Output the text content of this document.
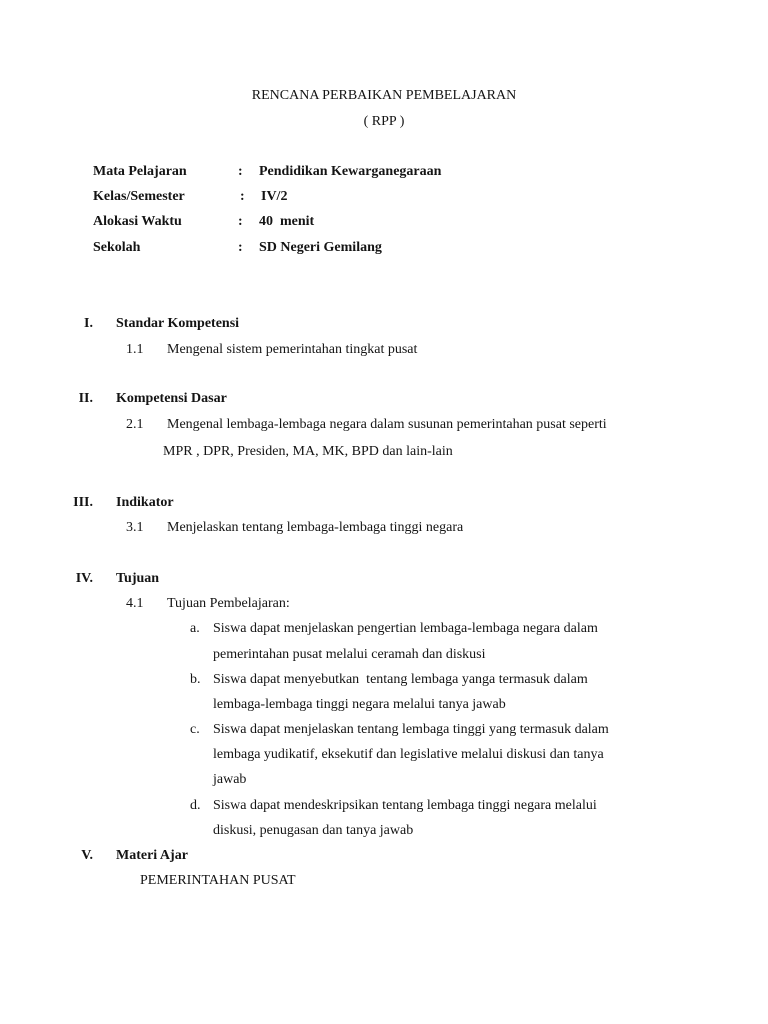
RENCANA PERBAIKAN PEMBELAJARAN
( RPP )
Mata Pelajaran	: Pendidikan Kewarganegaraan
Kelas/Semester	: IV/2
Alokasi Waktu	: 40  menit
Sekolah	: SD Negeri Gemilang
I. Standar Kompetensi
1.1 Mengenal sistem pemerintahan tingkat pusat
II. Kompetensi Dasar
2.1 Mengenal lembaga-lembaga negara dalam susunan pemerintahan pusat seperti
MPR , DPR, Presiden, MA, MK, BPD dan lain-lain
III. Indikator
3.1 Menjelaskan tentang lembaga-lembaga tinggi negara
IV. Tujuan
4.1 Tujuan Pembelajaran:
a. Siswa dapat menjelaskan pengertian lembaga-lembaga negara dalam
pemerintahan pusat melalui ceramah dan diskusi
b. Siswa dapat menyebutkan  tentang lembaga yanga termasuk dalam
lembaga-lembaga tinggi negara melalui tanya jawab
c. Siswa dapat menjelaskan tentang lembaga tinggi yang termasuk dalam
lembaga yudikatif, eksekutif dan legislative melalui diskusi dan tanya
jawab
d. Siswa dapat mendeskripsikan tentang lembaga tinggi negara melalui
diskusi, penugasan dan tanya jawab
V. Materi Ajar
PEMERINTAHAN PUSAT
